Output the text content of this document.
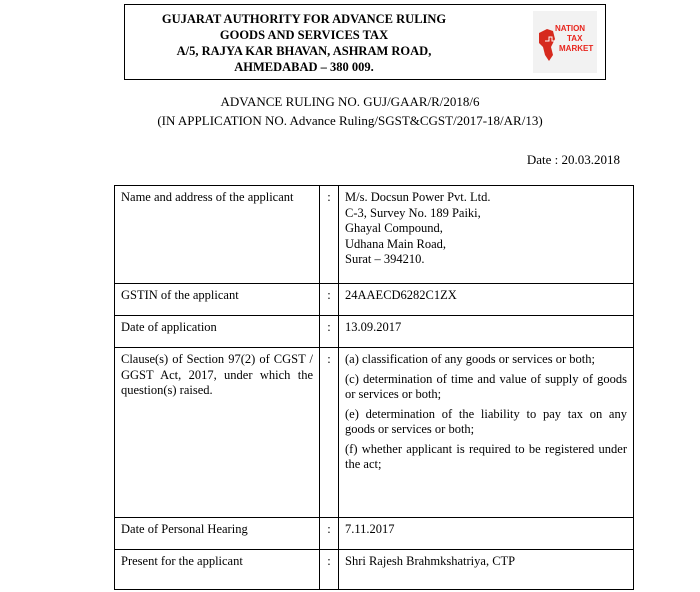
GUJARAT AUTHORITY FOR ADVANCE RULING
GOODS AND SERVICES TAX
A/5, RAJYA KAR BHAVAN, ASHRAM ROAD,
AHMEDABAD – 380 009.
NATION
TAX
MARKET
ADVANCE RULING NO. GUJ/GAAR/R/2018/6
(IN APPLICATION NO. Advance Ruling/SGST&CGST/2017-18/AR/13)
Date : 20.03.2018
Name and address of the applicant	:	M/s. Docsun Power Pvt. Ltd.
C-3, Survey No. 189 Paiki,
Ghayal Compound,
Udhana Main Road,
Surat – 394210.

GSTIN of the applicant	:	24AAECD6282C1ZX
Date of application	:	13.09.2017
Clause(s) of Section 97(2) of CGST / GGST Act, 2017, under which the question(s) raised.	:	(a) classification of any goods or services or both;
(c) determination of time and value of supply of goods or services or both;
(e) determination of the liability to pay tax on any goods or services or both;
(f) whether applicant is required to be registered under the act;

Date of Personal Hearing	:	7.11.2017
Present for the applicant	:	Shri Rajesh Brahmkshatriya, CTP
